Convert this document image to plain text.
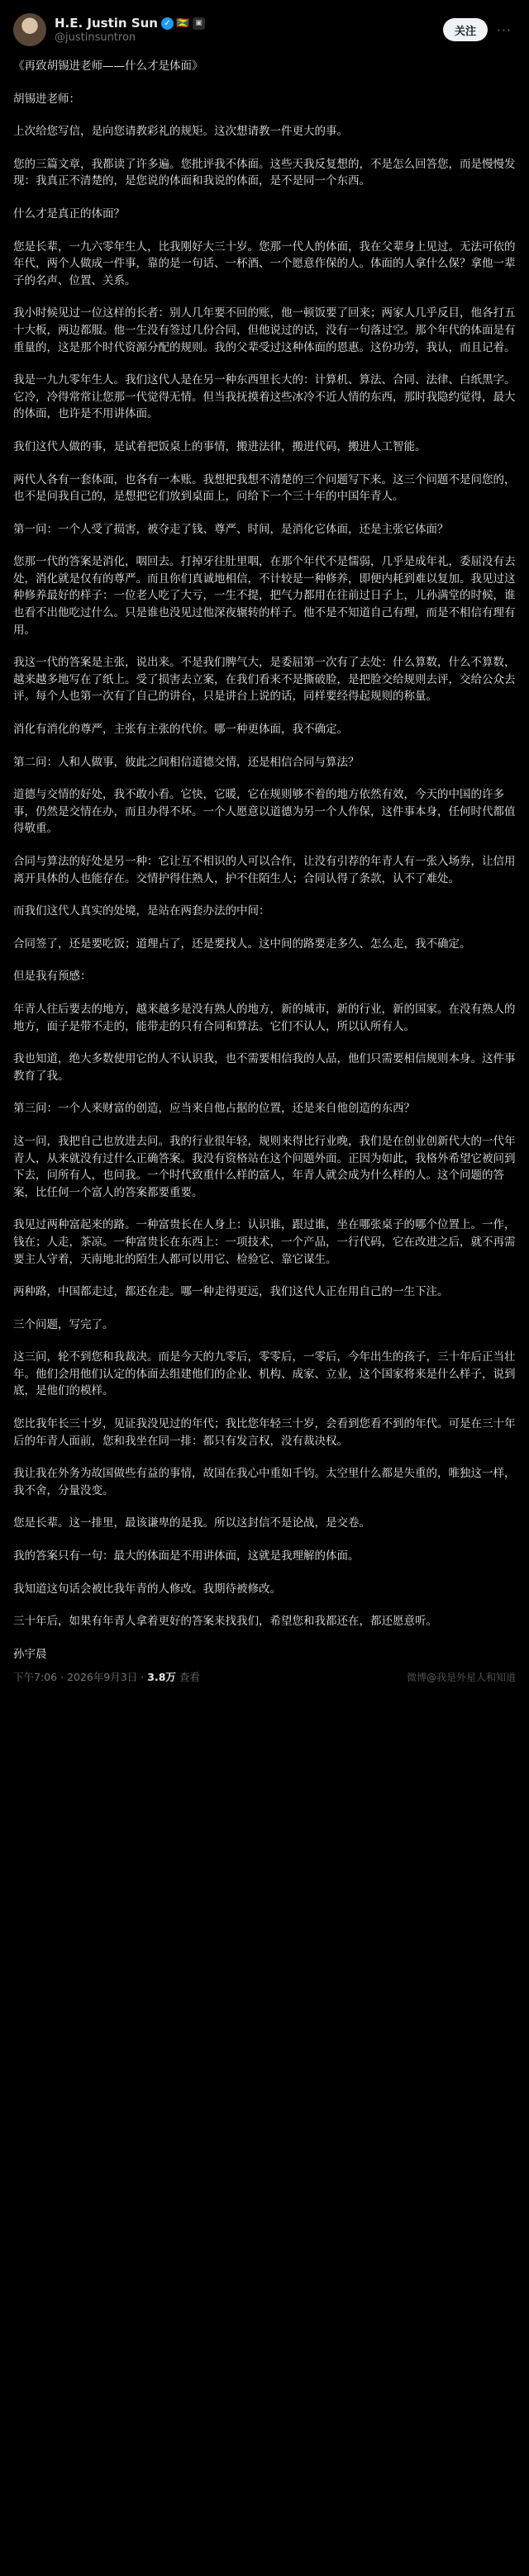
H.E. Justin Sun ✓ 🇬🇩 ▣
@justinsuntron	关注	···

《再致胡锡进老师——什么才是体面》

胡锡进老师：

上次给您写信，是向您请教彩礼的规矩。这次想请教一件更大的事。

您的三篇文章，我都读了许多遍。您批评我不体面。这些天我反复想的，不是怎么回答您，而是慢慢发现：我真正不清楚的，是您说的体面和我说的体面，是不是同一个东西。

什么才是真正的体面？

您是长辈，一九六零年生人，比我刚好大三十岁。您那一代人的体面，我在父辈身上见过。无法可依的年代，两个人做成一件事，靠的是一句话、一杯酒、一个愿意作保的人。体面的人拿什么保？拿他一辈子的名声、位置、关系。

我小时候见过一位这样的长者：别人几年要不回的账，他一顿饭要了回来；两家人几乎反目，他各打五十大板，两边都服。他一生没有签过几份合同，但他说过的话，没有一句落过空。那个年代的体面是有重量的，这是那个时代资源分配的规则。我的父辈受过这种体面的恩惠。这份功劳，我认，而且记着。

我是一九九零年生人。我们这代人是在另一种东西里长大的：计算机、算法、合同、法律、白纸黑字。它冷，冷得常常让您那一代觉得无情。但当我抚摸着这些冰冷不近人情的东西，那时我隐约觉得，最大的体面，也许是不用讲体面。

我们这代人做的事，是试着把饭桌上的事情，搬进法律，搬进代码，搬进人工智能。

两代人各有一套体面，也各有一本账。我想把我想不清楚的三个问题写下来。这三个问题不是问您的，也不是问我自己的，是想把它们放到桌面上，问给下一个三十年的中国年青人。

第一问：一个人受了损害，被夺走了钱、尊严、时间，是消化它体面，还是主张它体面？

您那一代的答案是消化，咽回去。打掉牙往肚里咽，在那个年代不是懦弱，几乎是成年礼，委屈没有去处，消化就是仅有的尊严。而且你们真诚地相信，不计较是一种修养，即便内耗到难以复加。我见过这种修养最好的样子：一位老人吃了大亏，一生不提，把气力都用在往前过日子上，儿孙满堂的时候，谁也看不出他吃过什么。只是谁也没见过他深夜辗转的样子。他不是不知道自己有理，而是不相信有理有用。

我这一代的答案是主张，说出来。不是我们脾气大，是委屈第一次有了去处：什么算数，什么不算数，越来越多地写在了纸上。受了损害去立案，在我们看来不是撕破脸，是把脸交给规则去评，交给公众去评。每个人也第一次有了自己的讲台，只是讲台上说的话，同样要经得起规则的称量。

消化有消化的尊严，主张有主张的代价。哪一种更体面，我不确定。

第二问：人和人做事，彼此之间相信道德交情，还是相信合同与算法？

道德与交情的好处，我不敢小看。它快，它暖，它在规则够不着的地方依然有效，今天的中国的许多事，仍然是交情在办，而且办得不坏。一个人愿意以道德为另一个人作保，这件事本身，任何时代都值得敬重。

合同与算法的好处是另一种：它让互不相识的人可以合作，让没有引荐的年青人有一张入场券，让信用离开具体的人也能存在。交情护得住熟人，护不住陌生人；合同认得了条款，认不了难处。

而我们这代人真实的处境，是站在两套办法的中间：

合同签了，还是要吃饭；道理占了，还是要找人。这中间的路要走多久、怎么走，我不确定。

但是我有预感：

年青人往后要去的地方，越来越多是没有熟人的地方，新的城市，新的行业，新的国家。在没有熟人的地方，面子是带不走的，能带走的只有合同和算法。它们不认人，所以认所有人。

我也知道，绝大多数使用它的人不认识我，也不需要相信我的人品，他们只需要相信规则本身。这件事教育了我。

第三问：一个人来财富的创造，应当来自他占据的位置，还是来自他创造的东西？

这一问，我把自己也放进去问。我的行业很年轻，规则来得比行业晚，我们是在创业创新代大的一代年青人，从来就没有过什么正确答案。我没有资格站在这个问题外面。正因为如此，我格外希望它被问到下去，问所有人，也问我。一个时代致重什么样的富人，年青人就会成为什么样的人。这个问题的答案，比任何一个富人的答案都要重要。

我见过两种富起来的路。一种富贵长在人身上：认识谁，跟过谁，坐在哪张桌子的哪个位置上。一作，钱在；人走，茶凉。一种富贵长在东西上：一项技术，一个产品，一行代码，它在改进之后，就不再需要主人守着，天南地北的陌生人都可以用它、检验它、靠它谋生。

两种路，中国都走过，都还在走。哪一种走得更远，我们这代人正在用自己的一生下注。

三个问题，写完了。

这三问，轮不到您和我裁决。而是今天的九零后，零零后，一零后，今年出生的孩子，三十年后正当壮年。他们会用他们认定的体面去组建他们的企业、机构、成家、立业，这个国家将来是什么样子，说到底，是他们的模样。

您比我年长三十岁，见证我没见过的年代；我比您年轻三十岁，会看到您看不到的年代。可是在三十年后的年青人面前，您和我坐在同一排：都只有发言权，没有裁决权。

我让我在外务为故国做些有益的事情，故国在我心中重如千钧。太空里什么都是失重的，唯独这一样，我不舍，分量没变。

您是长辈。这一排里，最该谦卑的是我。所以这封信不是论战，是交卷。

我的答案只有一句：最大的体面是不用讲体面，这就是我理解的体面。

我知道这句话会被比我年青的人修改。我期待被修改。

三十年后，如果有年青人拿着更好的答案来找我们，希望您和我都还在，都还愿意听。

孙宇晨

下午7:06 · 2026年9月3日 · 3.8万 查看	微博@我是外星人和知道
